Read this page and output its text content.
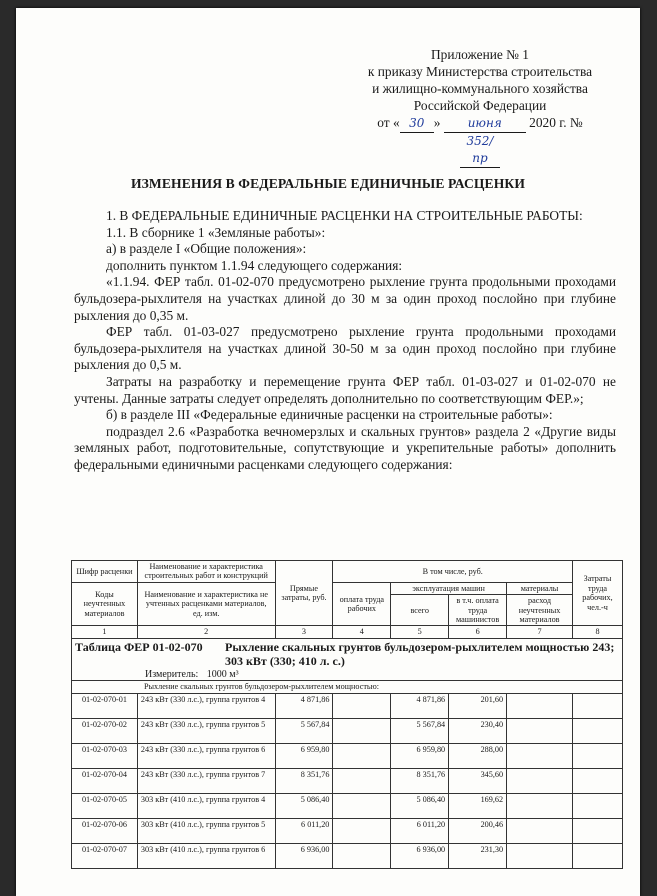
Приложение № 1
к приказу Министерства строительства
и жилищно-коммунального хозяйства
Российской Федерации
от « 30 » июня 2020 г. №352/пр
ИЗМЕНЕНИЯ В ФЕДЕРАЛЬНЫЕ ЕДИНИЧНЫЕ РАСЦЕНКИ

1. В ФЕДЕРАЛЬНЫЕ ЕДИНИЧНЫЕ РАСЦЕНКИ НА СТРОИТЕЛЬНЫЕ РАБОТЫ:

1.1. В сборнике 1 «Земляные работы»:

а) в разделе I «Общие положения»:

дополнить пунктом 1.1.94 следующего содержания:

«1.1.94. ФЕР табл. 01-02-070 предусмотрено рыхление грунта продольными проходами бульдозера-рыхлителя на участках длиной до 30 м за один проход послойно при глубине рыхления до 0,35 м.

ФЕР табл. 01-03-027 предусмотрено рыхление грунта продольными проходами бульдозера-рыхлителя на участках длиной 30-50 м за один проход послойно при глубине рыхления до 0,5 м.

Затраты на разработку и перемещение грунта ФЕР табл. 01-03-027 и 01-02-070 не учтены. Данные затраты следует определять дополнительно по соответствующим ФЕР.»;

б) в разделе III «Федеральные единичные расценки на строительные работы»:

подраздел 2.6 «Разработка вечномерзлых и скальных грунтов» раздела 2 «Другие виды земляных работ, подготовительные, сопутствующие и укрепительные работы» дополнить федеральными единичными расценками следующего содержания:

Шифр расценки	Наименование и характеристика строительных работ и конструкций	Прямые затраты, руб.	В том числе, руб.				Затраты труда рабочих, чел.-ч
Коды неучтенных материалов	Наименование и характеристика не учтенных расценками материалов, ед. изм.		оплата труда рабочих	эксплуатация машин		материалы	
				всего	в т.ч. оплата труда машинистов	расход неучтенных материалов	
1	2	3	4	5	6	7	8

Таблица ФЕР 01-02-070 Рыхление скальных грунтов бульдозером-рыхлителем мощностью 243; 303 кВт (330; 410 л. с.)
Измеритель: 1000 м³							

Рыхление скальных грунтов бульдозером-рыхлителем мощностью:							
01-02-070-01	243 кВт (330 л.с.), группа грунтов 4	4 871,86		4 871,86	201,60		
01-02-070-02	243 кВт (330 л.с.), группа грунтов 5	5 567,84		5 567,84	230,40		
01-02-070-03	243 кВт (330 л.с.), группа грунтов 6	6 959,80		6 959,80	288,00		
01-02-070-04	243 кВт (330 л.с.), группа грунтов 7	8 351,76		8 351,76	345,60		
01-02-070-05	303 кВт (410 л.с.), группа грунтов 4	5 086,40		5 086,40	169,62		
01-02-070-06	303 кВт (410 л.с.), группа грунтов 5	6 011,20		6 011,20	200,46		
01-02-070-07	303 кВт (410 л.с.), группа грунтов 6	6 936,00		6 936,00	231,30		
